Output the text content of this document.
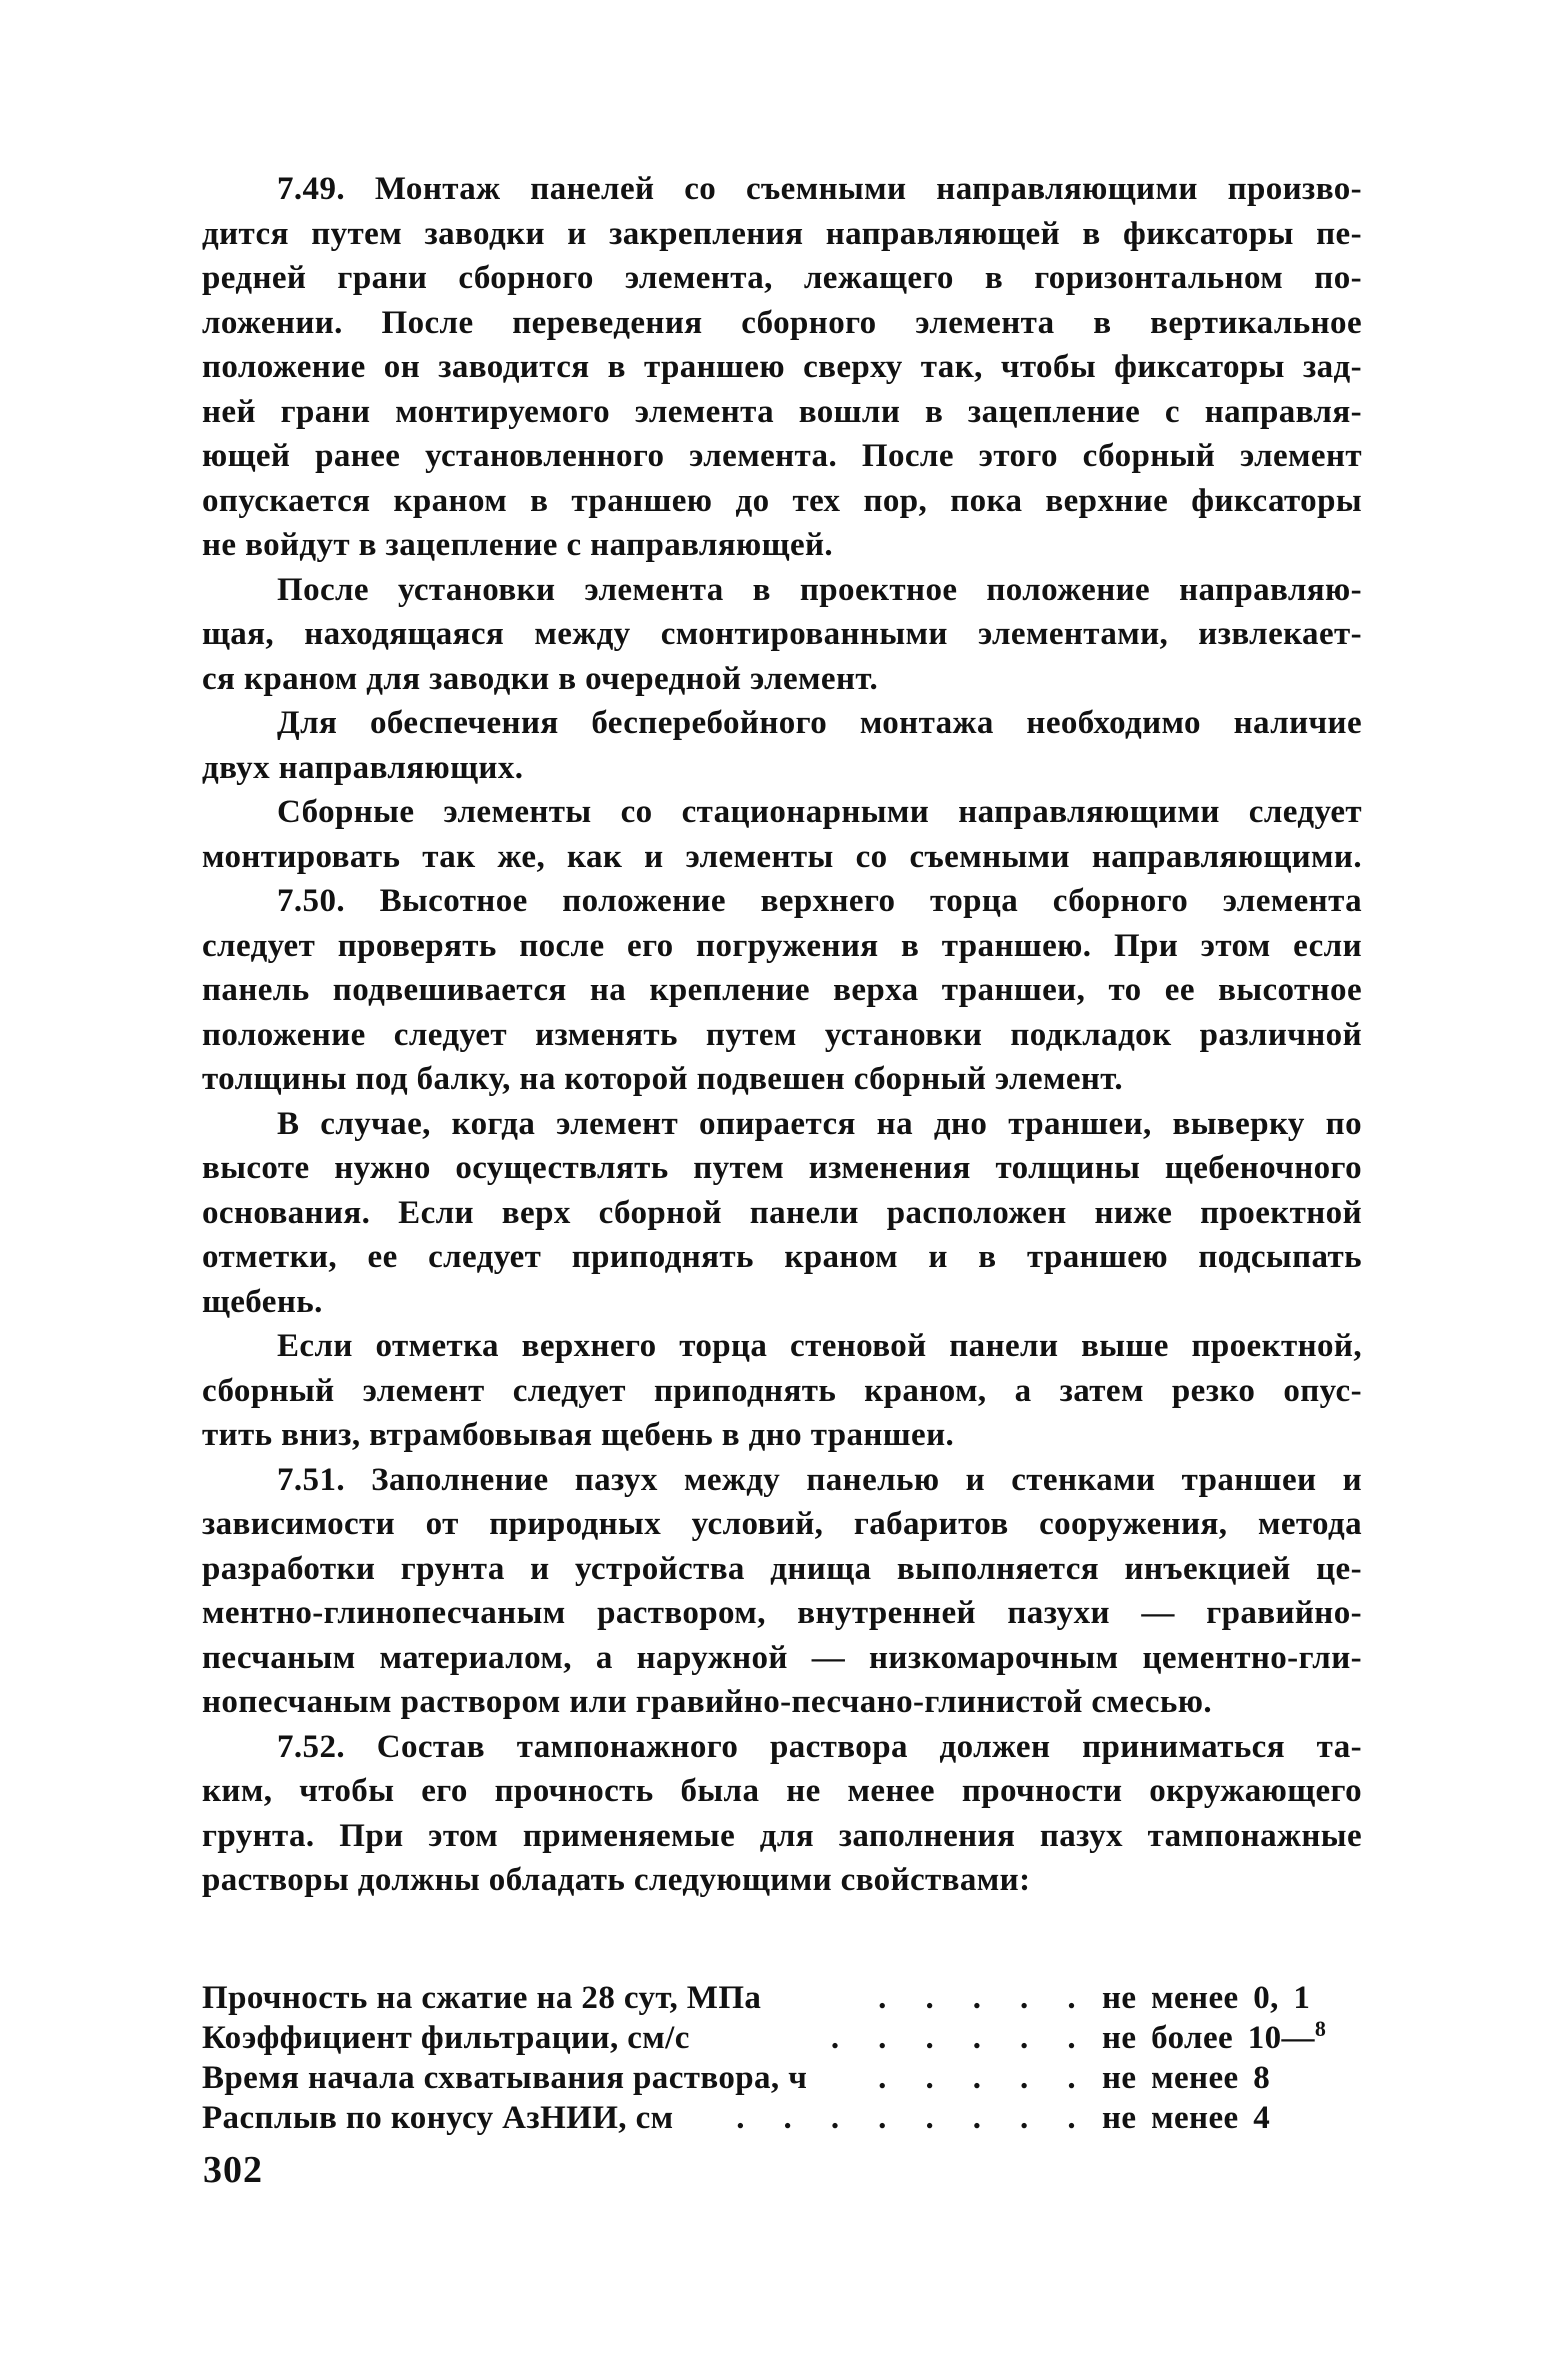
7.49. Монтаж панелей со съемными направляющими произво-
дится путем заводки и закрепления направляющей в фиксаторы пе-
редней грани сборного элемента, лежащего в горизонтальном по-
ложении. После переведения сборного элемента в вертикальное
положение он заводится в траншею сверху так, чтобы фиксаторы зад-
ней грани монтируемого элемента вошли в зацепление с направля-
ющей ранее установленного элемента. После этого сборный элемент
опускается краном в траншею до тех пор, пока верхние фиксаторы
не войдут в зацепление с направляющей.
После установки элемента в проектное положение направляю-
щая, находящаяся между смонтированными элементами, извлекает-
ся краном для заводки в очередной элемент.
Для обеспечения бесперебойного монтажа необходимо наличие
двух направляющих.
Сборные элементы со стационарными направляющими следует
монтировать так же, как и элементы со съемными направляющими.
7.50. Высотное положение верхнего торца сборного элемента
следует проверять после его погружения в траншею. При этом если
панель подвешивается на крепление верха траншеи, то ее высотное
положение следует изменять путем установки подкладок различной
толщины под балку, на которой подвешен сборный элемент.
В случае, когда элемент опирается на дно траншеи, выверку по
высоте нужно осуществлять путем изменения толщины щебеночного
основания. Если верх сборной панели расположен ниже проектной
отметки, ее следует приподнять краном и в траншею подсыпать
щебень.
Если отметка верхнего торца стеновой панели выше проектной,
сборный элемент следует приподнять краном, а затем резко опус-
тить вниз, втрамбовывая щебень в дно траншеи.
7.51. Заполнение пазух между панелью и стенками траншеи и
зависимости от природных условий, габаритов сооружения, метода
разработки грунта и устройства днища выполняется инъекцией це-
ментно-глинопесчаным раствором, внутренней пазухи — гравийно-
песчаным материалом, а наружной — низкомарочным цементно-гли-
нопесчаным раствором или гравийно-песчано-глинистой смесью.
7.52. Состав тампонажного раствора должен приниматься та-
ким, чтобы его прочность была не менее прочности окружающего
грунта. При этом применяемые для заполнения пазух тампонажные
растворы должны обладать следующими свойствами:
Прочность на сжатие на 28 сут, МПа	. . . . . не менее 0, 1
Коэффициент фильтрации, см/с	. . . . . . не более 10—$^8$
Время начала схватывания раствора, ч	. . . . . не менее 8
Расплыв по конусу АзНИИ, см	. . . . . . . . не менее 4
302
